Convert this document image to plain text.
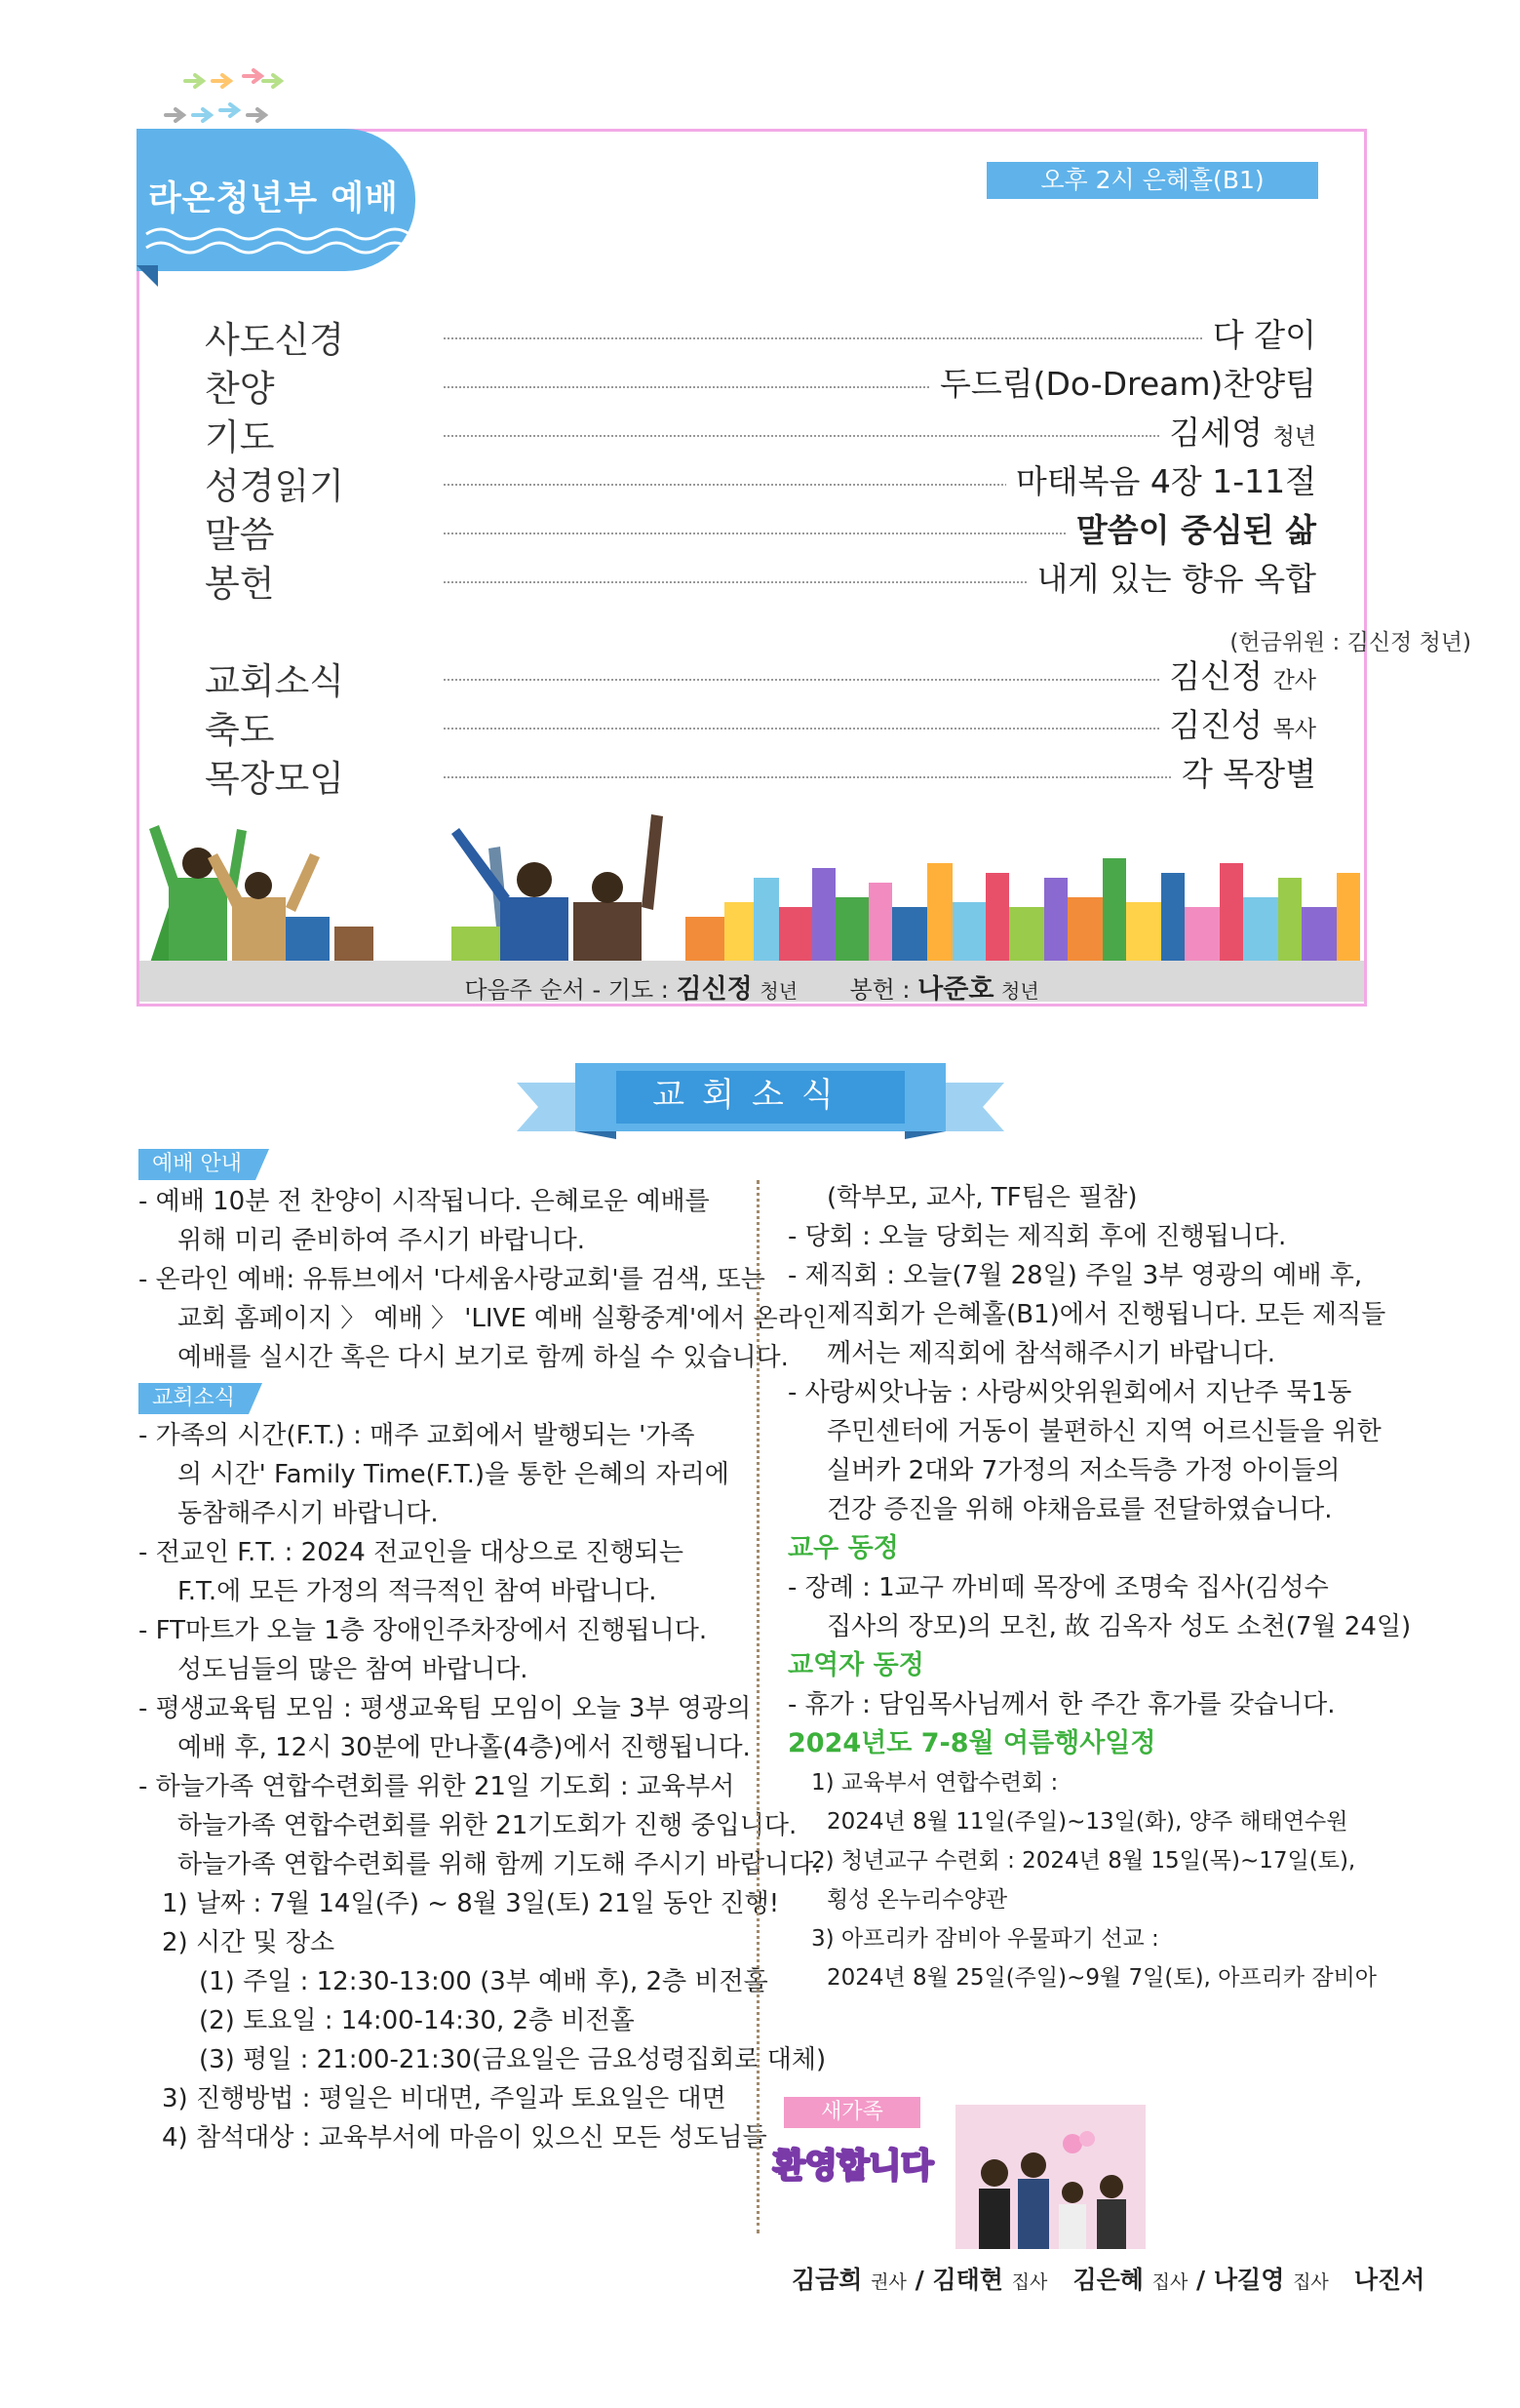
라온청년부 예배	오후 2시 은혜홀(B1)
사도신경	다 같이
찬양	두드림(Do-Dream)찬양팀
기도	김세영 청년
성경읽기	마태복음 4장 1-11절
말씀	말씀이 중심된 삶
봉헌	내게 있는 향유 옥합
교회소식	김신정 간사
축도	김진성 목사
목장모임	각 목장별
(헌금위원 : 김신정 청년)
다음주 순서 - 기도 : 김신정 청년 봉헌 : 나준호 청년
교회소식
예배 안내

- 예배 10분 전 찬양이 시작됩니다. 은혜로운 예배를

위해 미리 준비하여 주시기 바랍니다.

- 온라인 예배: 유튜브에서 '다세움사랑교회'를 검색, 또는

교회 홈페이지 〉 예배 〉 'LIVE 예배 실황중계'에서 온라인

예배를 실시간 혹은 다시 보기로 함께 하실 수 있습니다.

교회소식

- 가족의 시간(F.T.) : 매주 교회에서 발행되는 '가족

의 시간' Family Time(F.T.)을 통한 은혜의 자리에

동참해주시기 바랍니다.

- 전교인 F.T. : 2024 전교인을 대상으로 진행되는

F.T.에 모든 가정의 적극적인 참여 바랍니다.

- FT마트가 오늘 1층 장애인주차장에서 진행됩니다.

성도님들의 많은 참여 바랍니다.

- 평생교육팀 모임 : 평생교육팀 모임이 오늘 3부 영광의

예배 후, 12시 30분에 만나홀(4층)에서 진행됩니다.

- 하늘가족 연합수련회를 위한 21일 기도회 : 교육부서

하늘가족 연합수련회를 위한 21기도회가 진행 중입니다.

하늘가족 연합수련회를 위해 함께 기도해 주시기 바랍니다.

1) 날짜 : 7월 14일(주) ~ 8월 3일(토) 21일 동안 진행!

2) 시간 및 장소

(1) 주일 : 12:30-13:00 (3부 예배 후), 2층 비전홀

(2) 토요일 : 14:00-14:30, 2층 비전홀

(3) 평일 : 21:00-21:30(금요일은 금요성령집회로 대체)

3) 진행방법 : 평일은 비대면, 주일과 토요일은 대면

4) 참석대상 : 교육부서에 마음이 있으신 모든 성도님들

(학부모, 교사, TF팀은 필참)

- 당회 : 오늘 당회는 제직회 후에 진행됩니다.

- 제직회 : 오늘(7월 28일) 주일 3부 영광의 예배 후,

제직회가 은혜홀(B1)에서 진행됩니다. 모든 제직들

께서는 제직회에 참석해주시기 바랍니다.

- 사랑씨앗나눔 : 사랑씨앗위원회에서 지난주 묵1동

주민센터에 거동이 불편하신 지역 어르신들을 위한

실버카 2대와 7가정의 저소득층 가정 아이들의

건강 증진을 위해 야채음료를 전달하였습니다.

교우 동정

- 장례 : 1교구 까비떼 목장에 조명숙 집사(김성수

집사의 장모)의 모친, 故 김옥자 성도 소천(7월 24일)

교역자 동정

- 휴가 : 담임목사님께서 한 주간 휴가를 갖습니다.

2024년도 7-8월 여름행사일정

1) 교육부서 연합수련회 :

2024년 8월 11일(주일)~13일(화), 양주 해태연수원

2) 청년교구 수련회 : 2024년 8월 15일(목)~17일(토),

횡성 온누리수양관

3) 아프리카 잠비아 우물파기 선교 :

2024년 8월 25일(주일)~9월 7일(토), 아프리카 잠비아

새가족
환영합니다
김금희 권사 / 김태현 집사 김은혜 집사 / 나길영 집사 나진서
